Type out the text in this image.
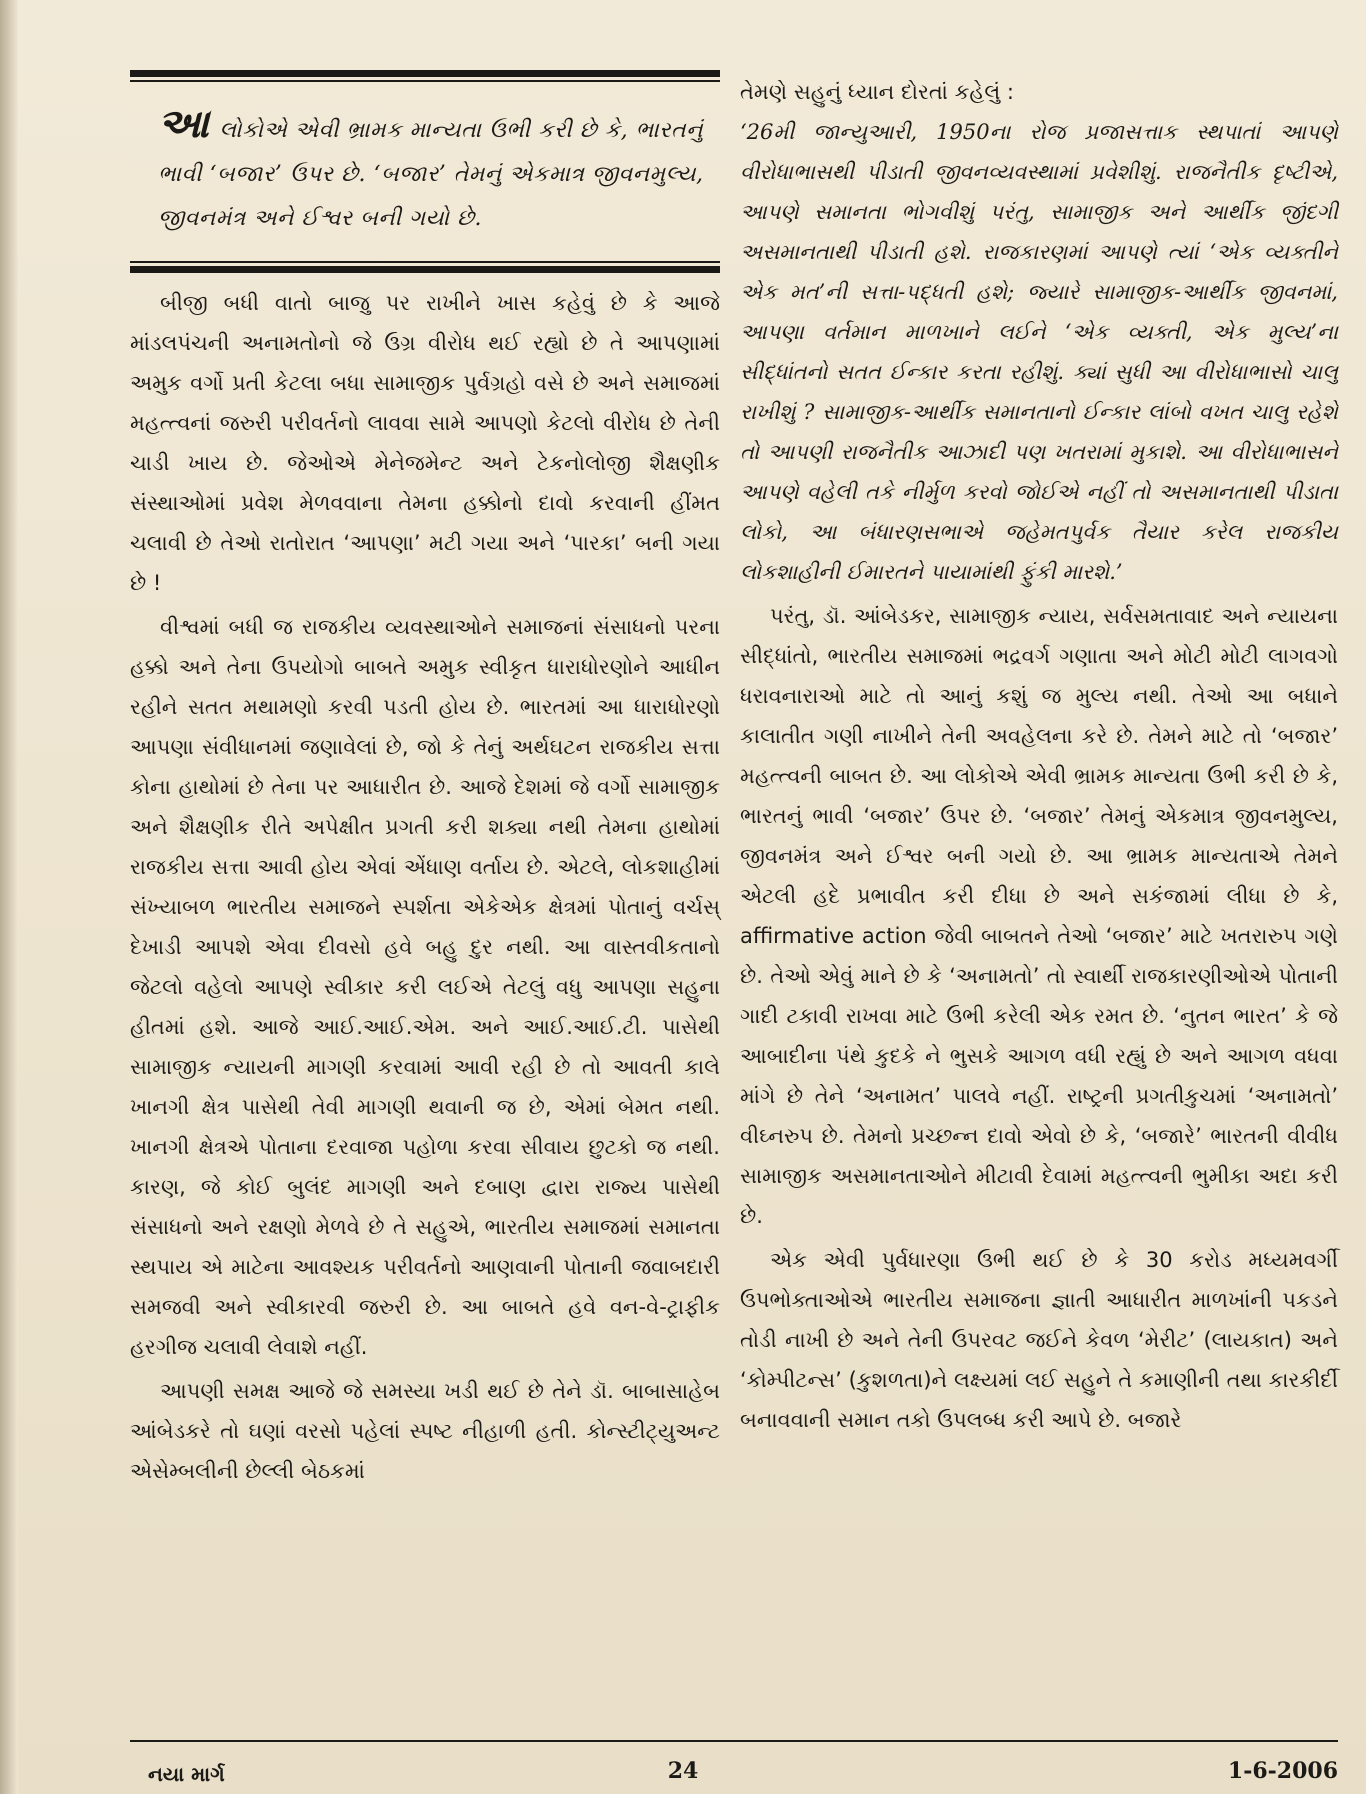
આલોકોએ એવી ભ્રામક માન્યતા ઉભી કરી છે કે, ભારતનું ભાવી ‘બજાર’ ઉપર છે. ‘બજાર’ તેમનું એકમાત્ર જીવનમુલ્ય, જીવનમંત્ર અને ઈશ્વર બની ગયો છે.

બીજી બધી વાતો બાજુ પર રાખીને ખાસ કહેવું છે કે આજે માંડલપંચની અનામતોનો જે ઉગ્ર વીરોધ થઈ રહ્યો છે તે આપણામાં અમુક વર્ગો પ્રતી કેટલા બધા સામાજીક પુર્વગ્રહો વસે છે અને સમાજમાં મહત્ત્વનાં જરુરી પરીવર્તનો લાવવા સામે આપણો કેટલો વીરોધ છે તેની ચાડી ખાય છે. જેઓએ મેનેજમેન્ટ અને ટેકનોલોજી શૈક્ષણીક સંસ્થાઓમાં પ્રવેશ મેળવવાના તેમના હક્કોનો દાવો કરવાની હીંમત ચલાવી છે તેઓ રાતોરાત ‘આપણા’ મટી ગયા અને ‘પારકા’ બની ગયા છે !

વીશ્વમાં બધી જ રાજકીય વ્યવસ્થાઓને સમાજનાં સંસાધનો પરના હક્કો અને તેના ઉપયોગો બાબતે અમુક સ્વીકૃત ધારાધોરણોને આધીન રહીને સતત મથામણો કરવી પડતી હોય છે. ભારતમાં આ ધારાધોરણો આપણા સંવીધાનમાં જણાવેલાં છે, જો કે તેનું અર્થઘટન રાજકીય સત્તા કોના હાથોમાં છે તેના પર આધારીત છે. આજે દેશમાં જે વર્ગો સામાજીક અને શૈક્ષણીક રીતે અપેક્ષીત પ્રગતી કરી શક્યા નથી તેમના હાથોમાં રાજકીય સત્તા આવી હોય એવાં એંધાણ વર્તાય છે. એટલે, લોકશાહીમાં સંખ્યાબળ ભારતીય સમાજને સ્પર્શતા એકેએક ક્ષેત્રમાં પોતાનું વર્ચસ્ દેખાડી આપશે એવા દીવસો હવે બહુ દુર નથી. આ વાસ્તવીકતાનો જેટલો વહેલો આપણે સ્વીકાર કરી લઈએ તેટલું વધુ આપણા સહુના હીતમાં હશે. આજે આઈ.આઈ.એમ. અને આઈ.આઈ.ટી. પાસેથી સામાજીક ન્યાયની માગણી કરવામાં આવી રહી છે તો આવતી કાલે ખાનગી ક્ષેત્ર પાસેથી તેવી માગણી થવાની જ છે, એમાં બેમત નથી. ખાનગી ક્ષેત્રએ પોતાના દરવાજા પહોળા કરવા સીવાય છુટકો જ નથી. કારણ, જે કોઈ બુલંદ માગણી અને દબાણ દ્વારા રાજ્ય પાસેથી સંસાધનો અને રક્ષણો મેળવે છે તે સહુએ, ભારતીય સમાજમાં સમાનતા સ્થપાય એ માટેના આવશ્યક પરીવર્તનો આણવાની પોતાની જવાબદારી સમજવી અને સ્વીકારવી જરુરી છે. આ બાબતે હવે વન-વે-ટ્રાફીક હરગીજ ચલાવી લેવાશે નહીં.

આપણી સમક્ષ આજે જે સમસ્યા ખડી થઈ છે તેને ડૉ. બાબાસાહેબ આંબેડકરે તો ઘણાં વરસો પહેલાં સ્પષ્ટ નીહાળી હતી. કોન્સ્ટીટ્યુઅન્ટ એસેમ્બલીની છેલ્લી બેઠકમાં

તેમણે સહુનું ધ્યાન દોરતાં કહેલું :

‘26મી જાન્યુઆરી, 1950ના રોજ પ્રજાસત્તાક સ્થપાતાં આપણે વીરોધાભાસથી પીડાતી જીવનવ્યવસ્થામાં પ્રવેશીશું. રાજનૈતીક દૃષ્ટીએ, આપણે સમાનતા ભોગવીશું પરંતુ, સામાજીક અને આર્થીક જીંદગી અસમાનતાથી પીડાતી હશે. રાજકારણમાં આપણે ત્યાં ‘એક વ્યક્તીને એક મત’ની સત્તા-પદ્ધતી હશે; જ્યારે સામાજીક-આર્થીક જીવનમાં, આપણા વર્તમાન માળખાને લઈને ‘એક વ્યક્તી, એક મુલ્ય’ના સીદ્ધાંતનો સતત ઈન્કાર કરતા રહીશું. ક્યાં સુધી આ વીરોધાભાસો ચાલુ રાખીશું ? સામાજીક-આર્થીક સમાનતાનો ઈન્કાર લાંબો વખત ચાલુ રહેશે તો આપણી રાજનૈતીક આઝાદી પણ ખતરામાં મુકાશે. આ વીરોધાભાસને આપણે વહેલી તકે નીર્મુળ કરવો જોઈએ નહીં તો અસમાનતાથી પીડાતા લોકો, આ બંધારણસભાએ જહેમતપુર્વક તૈયાર કરેલ રાજકીય લોકશાહીની ઈમારતને પાયામાંથી ફુંકી મારશે.’

પરંતુ, ડૉ. આંબેડકર, સામાજીક ન્યાય, સર્વસમતાવાદ અને ન્યાયના સીદ્ધાંતો, ભારતીય સમાજમાં ભદ્રવર્ગ ગણાતા અને મોટી મોટી લાગવગો ધરાવનારાઓ માટે તો આનું કશું જ મુલ્ય નથી. તેઓ આ બધાને કાલાતીત ગણી નાખીને તેની અવહેલના કરે છે. તેમને માટે તો ‘બજાર’ મહત્ત્વની બાબત છે. આ લોકોએ એવી ભ્રામક માન્યતા ઉભી કરી છે કે, ભારતનું ભાવી ‘બજાર’ ઉપર છે. ‘બજાર’ તેમનું એકમાત્ર જીવનમુલ્ય, જીવનમંત્ર અને ઈશ્વર બની ગયો છે. આ ભ્રામક માન્યતાએ તેમને એટલી હદે પ્રભાવીત કરી દીધા છે અને સકંજામાં લીધા છે કે, affirmative action જેવી બાબતને તેઓ ‘બજાર’ માટે ખતરારુપ ગણે છે. તેઓ એવું માને છે કે ‘અનામતો’ તો સ્વાર્થી રાજકારણીઓએ પોતાની ગાદી ટકાવી રાખવા માટે ઉભી કરેલી એક રમત છે. ‘નુતન ભારત’ કે જે આબાદીના પંથે કુદકે ને ભુસકે આગળ વધી રહ્યું છે અને આગળ વધવા માંગે છે તેને ‘અનામત’ પાલવે નહીં. રાષ્ટ્રની પ્રગતીકુચમાં ‘અનામતો’ વીઘ્નરુપ છે. તેમનો પ્રચ્છન્ન દાવો એવો છે કે, ‘બજારે’ ભારતની વીવીધ સામાજીક અસમાનતાઓને મીટાવી દેવામાં મહત્ત્વની ભુમીકા અદા કરી છે.

એક એવી પુર્વધારણા ઉભી થઈ છે કે 30 કરોડ મધ્યમવર્ગી ઉપભોક્તાઓએ ભારતીય સમાજના જ્ઞાતી આધારીત માળખાંની પકડને તોડી નાખી છે અને તેની ઉપરવટ જઈને કેવળ ‘મેરીટ’ (લાયકાત) અને ‘કોમ્પીટન્સ’ (કુશળતા)ને લક્ષ્યમાં લઈ સહુને તે કમાણીની તથા કારકીર્દી બનાવવાની સમાન તકો ઉપલબ્ધ કરી આપે છે. બજારે

નયા માર્ગ	24	1-6-2006
